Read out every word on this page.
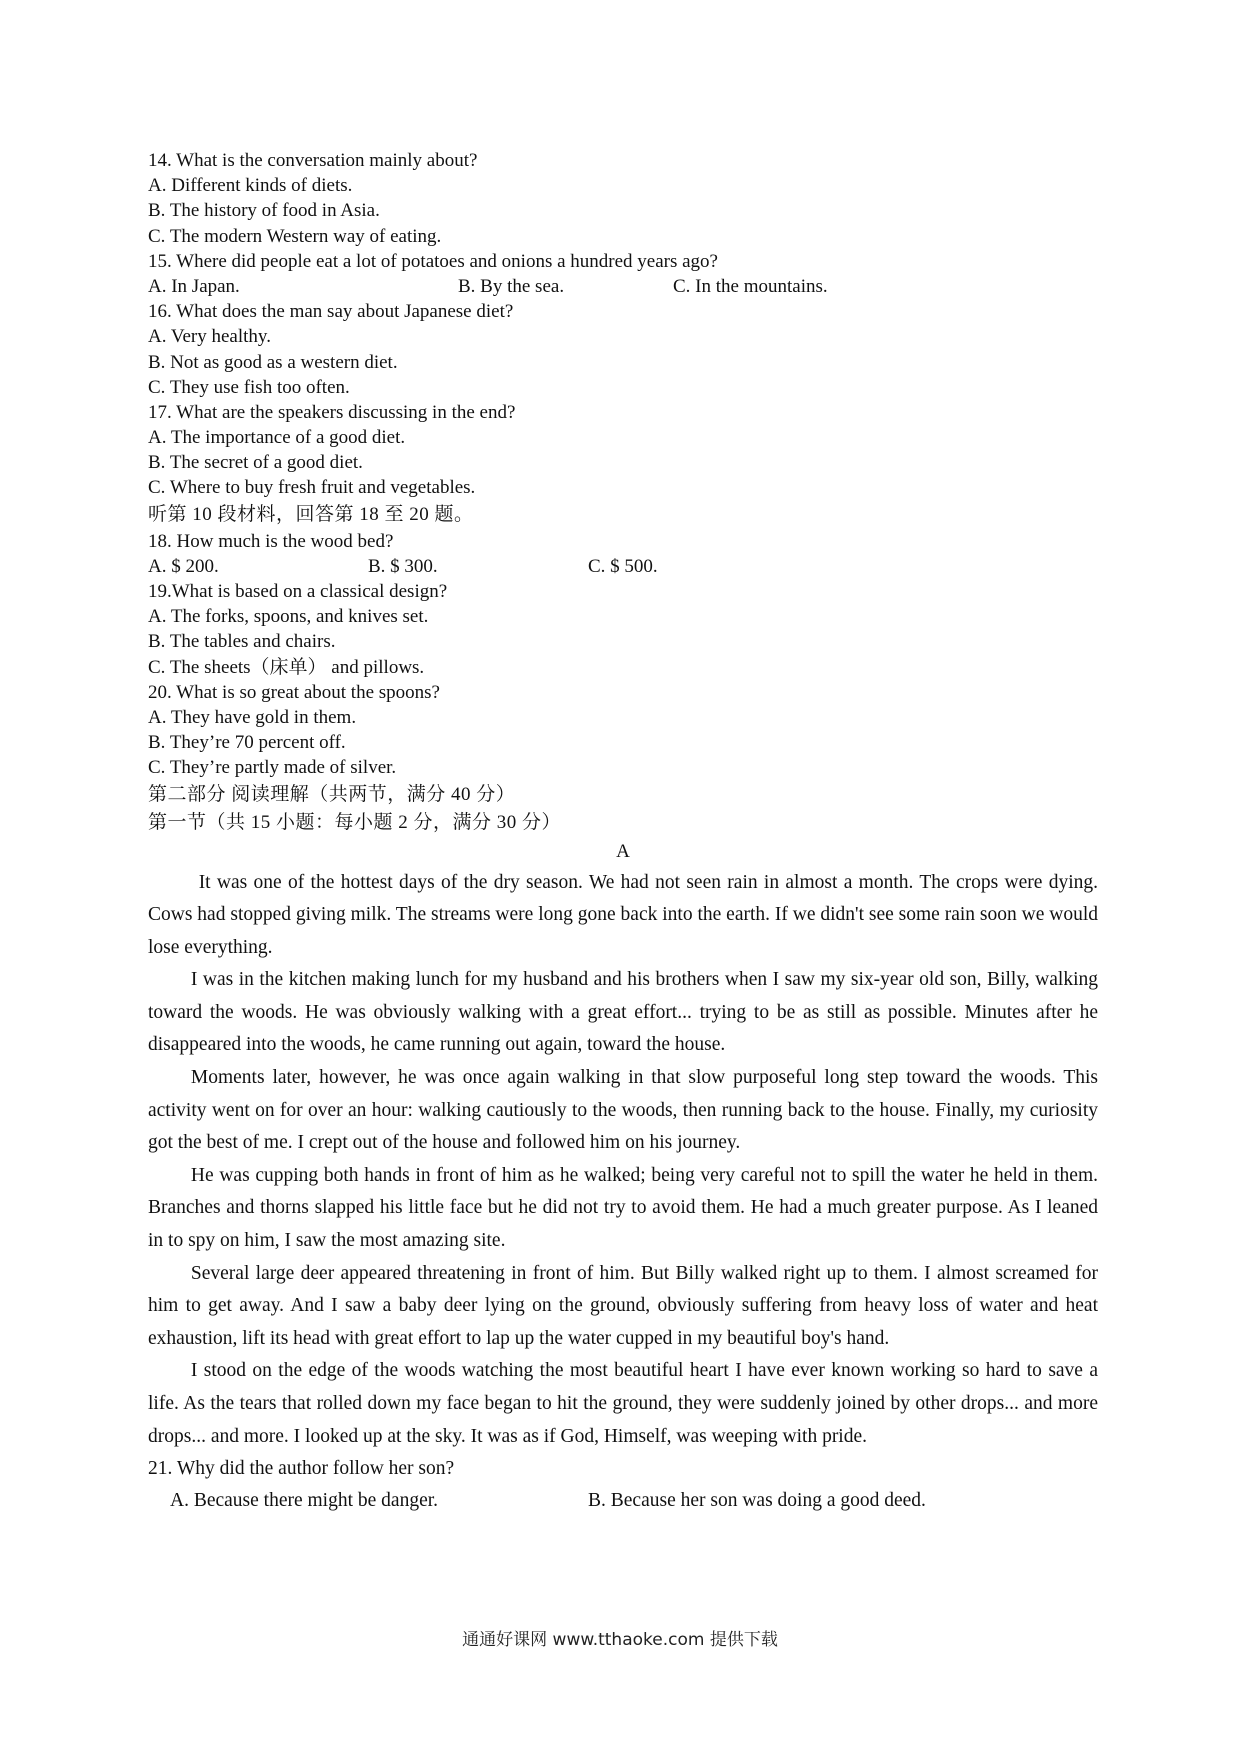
14. What is the conversation mainly about?
A. Different kinds of diets.
B. The history of food in Asia.
C. The modern Western way of eating.
15. Where did people eat a lot of potatoes and onions a hundred years ago?
A. In Japan.	B. By the sea.	C. In the mountains.
16. What does the man say about Japanese diet?
A. Very healthy.
B. Not as good as a western diet.
C. They use fish too often.
17. What are the speakers discussing in the end?
A. The importance of a good diet.
B. The secret of a good diet.
C. Where to buy fresh fruit and vegetables.
听第 10 段材料，回答第 18 至 20 题。
18. How much is the wood bed?
A. $ 200.	B. $ 300.	C. $ 500.
19.What is based on a classical design?
A. The forks, spoons, and knives set.
B. The tables and chairs.
C. The sheets（床单） and pillows.
20. What is so great about the spoons?
A. They have gold in them.
B. They’re 70 percent off.
C. They’re partly made of silver.
第二部分 阅读理解（共两节，满分 40 分）
第一节（共 15 小题：每小题 2 分，满分 30 分）
A

It was one of the hottest days of the dry season. We had not seen rain in almost a month. The crops were dying. Cows had stopped giving milk. The streams were long gone back into the earth. If we didn't see some rain soon we would lose everything.

I was in the kitchen making lunch for my husband and his brothers when I saw my six-year old son, Billy, walking toward the woods. He was obviously walking with a great effort... trying to be as still as possible. Minutes after he disappeared into the woods, he came running out again, toward the house.

Moments later, however, he was once again walking in that slow purposeful long step toward the woods. This activity went on for over an hour: walking cautiously to the woods, then running back to the house. Finally, my curiosity got the best of me. I crept out of the house and followed him on his journey.

He was cupping both hands in front of him as he walked; being very careful not to spill the water he held in them. Branches and thorns slapped his little face but he did not try to avoid them. He had a much greater purpose. As I leaned in to spy on him, I saw the most amazing site.

Several large deer appeared threatening in front of him. But Billy walked right up to them. I almost screamed for him to get away. And I saw a baby deer lying on the ground, obviously suffering from heavy loss of water and heat exhaustion, lift its head with great effort to lap up the water cupped in my beautiful boy's hand.

I stood on the edge of the woods watching the most beautiful heart I have ever known working so hard to save a life. As the tears that rolled down my face began to hit the ground, they were suddenly joined by other drops... and more drops... and more. I looked up at the sky. It was as if God, Himself, was weeping with pride.

21. Why did the author follow her son?
A. Because there might be danger.	B. Because her son was doing a good deed.
通通好课网 www.tthaoke.com 提供下载
